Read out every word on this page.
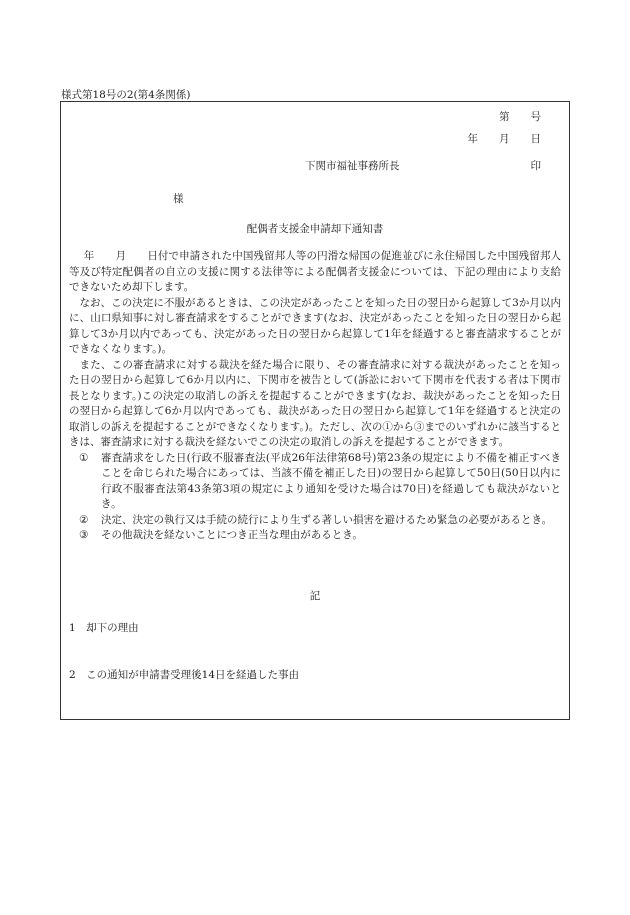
様式第18号の2(第4条関係)
第　　号
年　　月　　日
下関市福祉事務所長	印
様
配偶者支援金申請却下通知書

年　　月　　日付で申請された中国残留邦人等の円滑な帰国の促進並びに永住帰国した中国残留邦人等及び特定配偶者の自立の支援に関する法律等による配偶者支援金については、下記の理由により支給できないため却下します。

なお、この決定に不服があるときは、この決定があったことを知った日の翌日から起算して3か月以内に、山口県知事に対し審査請求をすることができます(なお、決定があったことを知った日の翌日から起算して3か月以内であっても、決定があった日の翌日から起算して1年を経過すると審査請求することができなくなります。)。

また、この審査請求に対する裁決を経た場合に限り、その審査請求に対する裁決があったことを知った日の翌日から起算して6か月以内に、下関市を被告として(訴訟において下関市を代表する者は下関市長となります。)この決定の取消しの訴えを提起することができます(なお、裁決があったことを知った日の翌日から起算して6か月以内であっても、裁決があった日の翌日から起算して1年を経過すると決定の取消しの訴えを提起することができなくなります。)。ただし、次の①から③までのいずれかに該当するときは、審査請求に対する裁決を経ないでこの決定の取消しの訴えを提起することができます。

① 審査請求をした日(行政不服審査法(平成26年法律第68号)第23条の規定により不備を補正すべきことを命じられた場合にあっては、当該不備を補正した日)の翌日から起算して50日(50日以内に行政不服審査法第43条第3項の規定により通知を受けた場合は70日)を経過しても裁決がないとき。
② 決定、決定の執行又は手続の続行により生ずる著しい損害を避けるため緊急の必要があるとき。
③ その他裁決を経ないことにつき正当な理由があるとき。
記
1　却下の理由
2　この通知が申請書受理後14日を経過した事由
